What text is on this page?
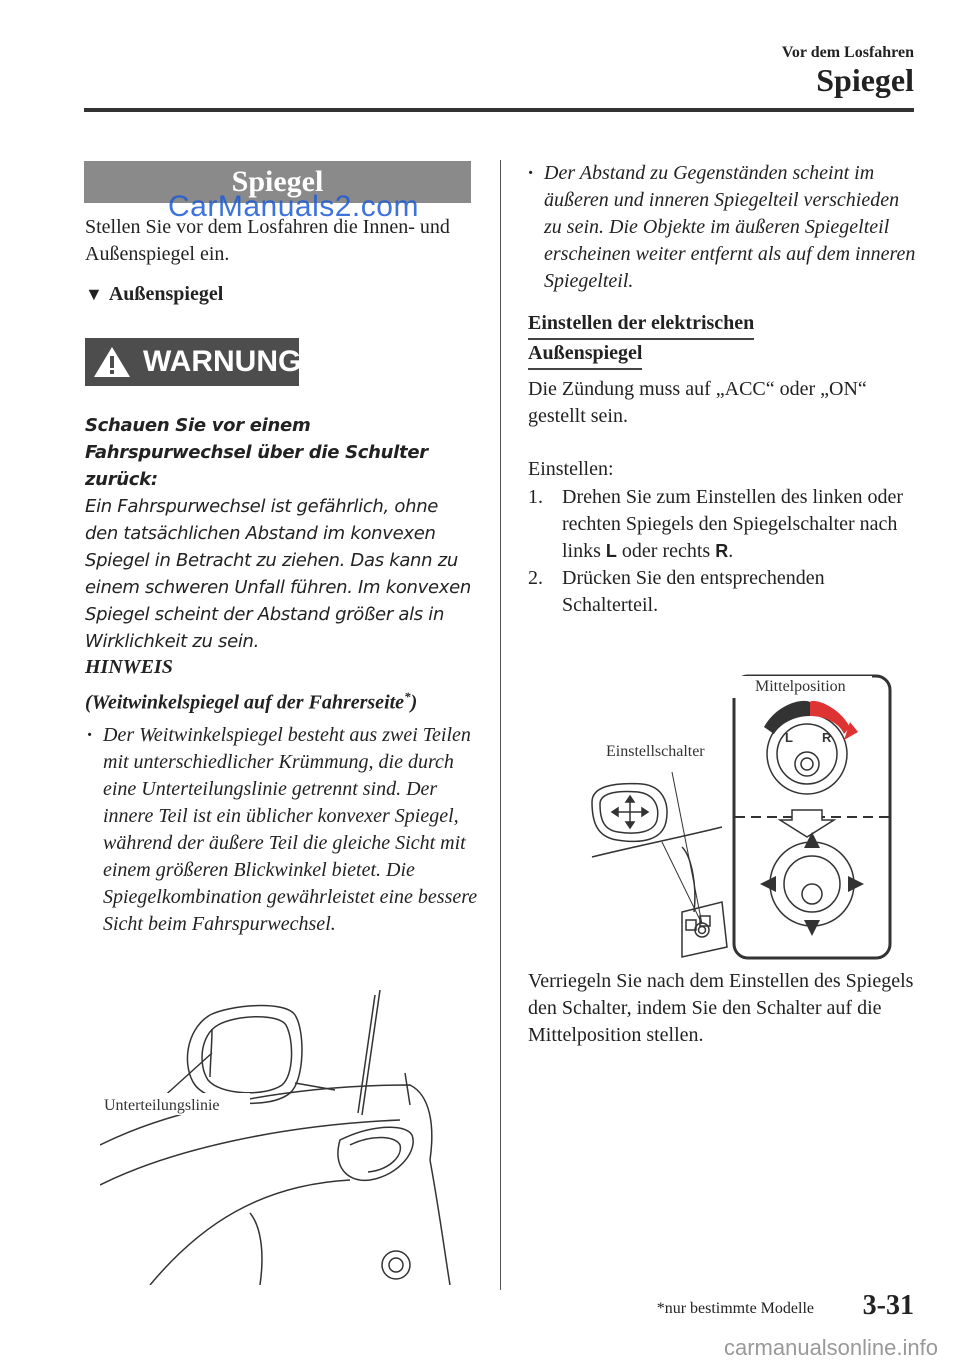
Vor dem Losfahren
Spiegel
Spiegel
CarManuals2.com
Stellen Sie vor dem Losfahren die Innen- und Außenspiegel ein.
▼ Außenspiegel
WARNUNG
Schauen Sie vor einem Fahrspurwechsel über die Schulter zurück:
Ein Fahrspurwechsel ist gefährlich, ohne den tatsächlichen Abstand im konvexen Spiegel in Betracht zu ziehen. Das kann zu einem schweren Unfall führen. Im konvexen Spiegel scheint der Abstand größer als in Wirklichkeit zu sein.
HINWEIS
(Weitwinkelspiegel auf der Fahrerseite*)
· Der Weitwinkelspiegel besteht aus zwei Teilen mit unterschiedlicher Krümmung, die durch eine Unterteilungslinie getrennt sind. Der innere Teil ist ein üblicher konvexer Spiegel, während der äußere Teil die gleiche Sicht mit einem größeren Blickwinkel bietet. Die Spiegelkombination gewährleistet eine bessere Sicht beim Fahrspurwechsel.
Unterteilungslinie
· Der Abstand zu Gegenständen scheint im äußeren und inneren Spiegelteil verschieden zu sein. Die Objekte im äußeren Spiegelteil erscheinen weiter entfernt als auf dem inneren Spiegelteil.
Einstellen der elektrischen
Außenspiegel
Die Zündung muss auf „ACC“ oder „ON“ gestellt sein.
Einstellen:
1. Drehen Sie zum Einstellen des linken oder rechten Spiegels den Spiegelschalter nach links L oder rechts R.
2. Drücken Sie den entsprechenden Schalterteil.
L R
Mittelposition
Einstellschalter
Verriegeln Sie nach dem Einstellen des Spiegels den Schalter, indem Sie den Schalter auf die Mittelposition stellen.
*nur bestimmte Modelle 3-31
carmanualsonline.info
